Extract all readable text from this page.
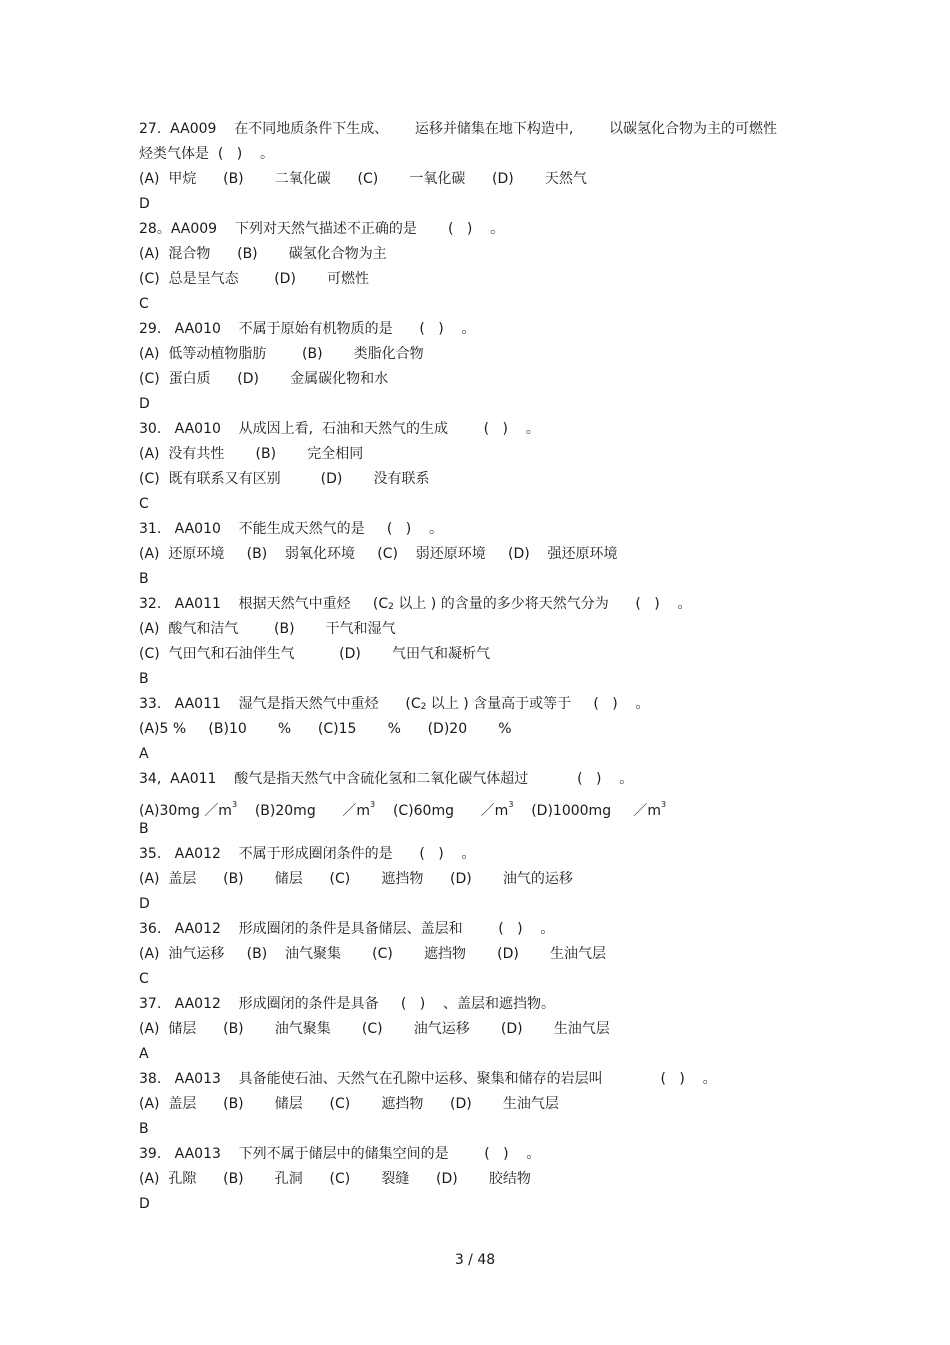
27.  AA009    在不同地质条件下生成、      运移并储集在地下构造中,        以碳氢化合物为主的可燃性
烃类气体是  (   )    。
(A)  甲烷      (B)       二氧化碳      (C)       一氧化碳      (D)       天然气
D
28。AA009    下列对天然气描述不正确的是       (   )    。
(A)  混合物      (B)       碳氢化合物为主
(C)  总是呈气态        (D)       可燃性
C
29.   AA010    不属于原始有机物质的是      (   )    。
(A)  低等动植物脂肪        (B)       类脂化合物
(C)  蛋白质      (D)       金属碳化物和水
D
30.   AA010    从成因上看,  石油和天然气的生成        (   )    。
(A)  没有共性       (B)       完全相同
(C)  既有联系又有区别         (D)       没有联系
C
31.   AA010    不能生成天然气的是     (   )    。
(A)  还原环境     (B)    弱氧化环境     (C)    弱还原环境     (D)    强还原环境
B
32.   AA011    根据天然气中重烃     ($C_2$ 以上 ) 的含量的多少将天然气分为      (   )    。
(A)  酸气和洁气        (B)       干气和湿气
(C)  气田气和石油伴生气          (D)       气田气和凝析气
B
33.   AA011    湿气是指天然气中重烃      ($C_2$ 以上 ) 含量高于或等于     (   )    。
(A)5 %     (B)10       %      (C)15       %      (D)20       %
A
34,  AA011    酸气是指天然气中含硫化氢和二氧化碳气体超过           (   )    。
(A)30mg $/m^3$    (B)20mg      $/m^3$    (C)60mg      $/m^3$    (D)1000mg     $/m^3$
B
35.   AA012    不属于形成圈闭条件的是      (   )    。
(A)  盖层      (B)       储层      (C)       遮挡物      (D)       油气的运移
D
36.   AA012    形成圈闭的条件是具备储层、盖层和        (   )    。
(A)  油气运移     (B)    油气聚集       (C)       遮挡物       (D)       生油气层
C
37.   AA012    形成圈闭的条件是具备     (   )    、盖层和遮挡物。
(A)  储层      (B)       油气聚集       (C)       油气运移       (D)       生油气层
A
38.   AA013    具备能使石油、天然气在孔隙中运移、聚集和储存的岩层叫             (   )    。
(A)  盖层      (B)       储层      (C)       遮挡物      (D)       生油气层
B
39.   AA013    下列不属于储层中的储集空间的是        (   )    。
(A)  孔隙      (B)       孔洞      (C)       裂缝      (D)       胶结物
D
3 / 48
